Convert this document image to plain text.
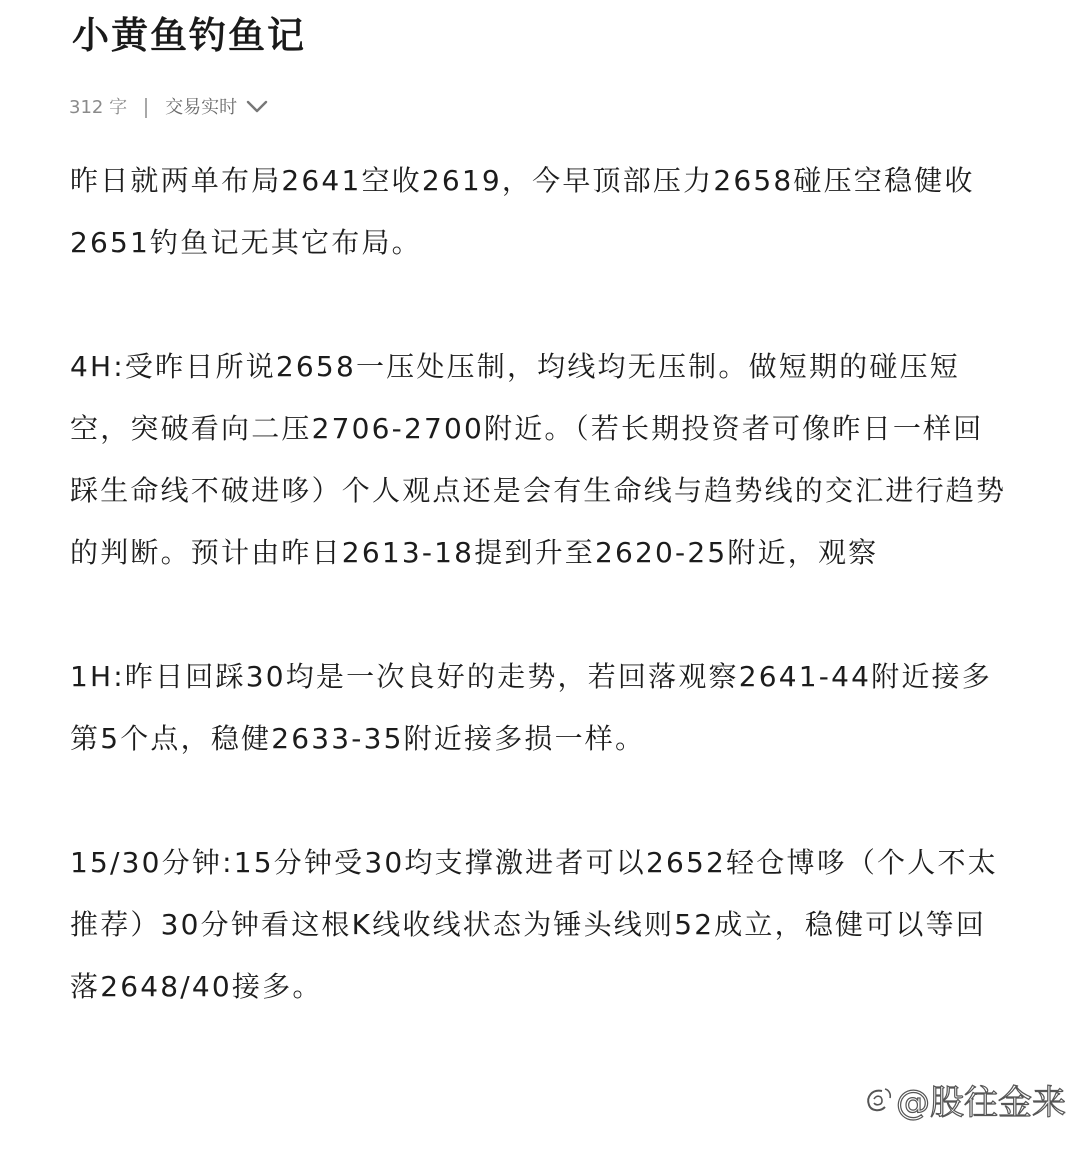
小黄鱼钓鱼记
312 字 交易实时

昨日就两单布局2641空收2619，今早顶部压力2658碰压空稳健收2651钓鱼记无其它布局。

4H:受昨日所说2658一压处压制，均线均无压制。做短期的碰压短空，突破看向二压2706-2700附近。（若长期投资者可像昨日一样回踩生命线不破进哆）个人观点还是会有生命线与趋势线的交汇进行趋势的判断。预计由昨日2613-18提到升至2620-25附近，观察

1H:昨日回踩30均是一次良好的走势，若回落观察2641-44附近接多第5个点，稳健2633-35附近接多损一样。

15/30分钟:15分钟受30均支撑激进者可以2652轻仓博哆（个人不太推荐）30分钟看这根K线收线状态为锤头线则52成立，稳健可以等回落2648/40接多。

@股往金来
